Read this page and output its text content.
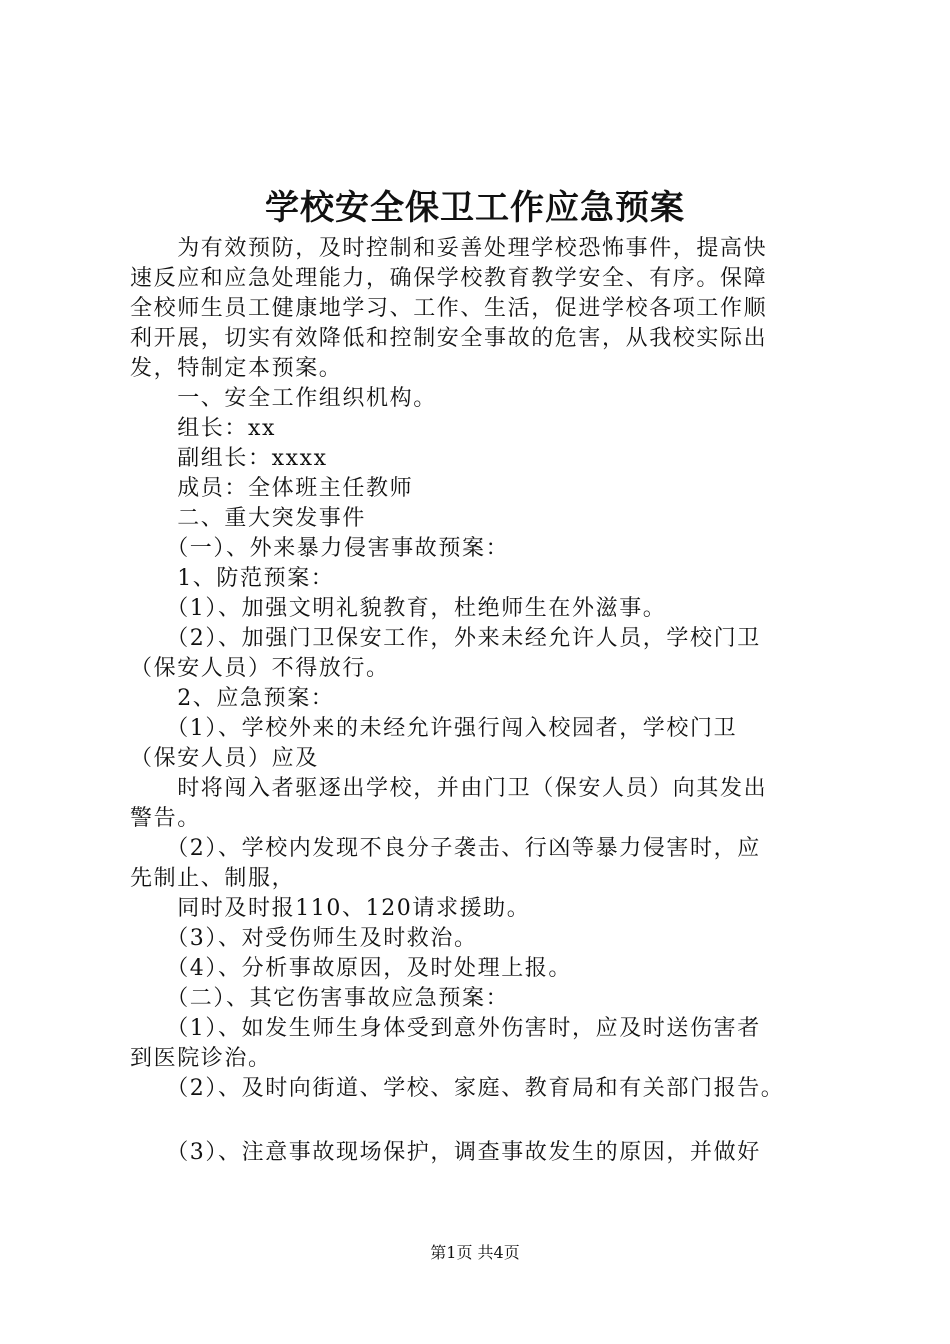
学校安全保卫工作应急预案
　　为有效预防，及时控制和妥善处理学校恐怖事件，提高快
速反应和应急处理能力，确保学校教育教学安全、有序。保障
全校师生员工健康地学习、工作、生活，促进学校各项工作顺
利开展，切实有效降低和控制安全事故的危害，从我校实际出
发，特制定本预案。
　　一、安全工作组织机构。
　　组长：xx
　　副组长：xxxx
　　成员：全体班主任教师
　　二、重大突发事件
　　（一）、外来暴力侵害事故预案：
　　1、防范预案：
　　（1）、加强文明礼貌教育，杜绝师生在外滋事。
　　（2）、加强门卫保安工作，外来未经允许人员，学校门卫
（保安人员）不得放行。
　　2、应急预案：
　　（1）、学校外来的未经允许强行闯入校园者，学校门卫
（保安人员）应及
　　时将闯入者驱逐出学校，并由门卫（保安人员）向其发出
警告。
　　（2）、学校内发现不良分子袭击、行凶等暴力侵害时，应
先制止、制服，
　　同时及时报110、120请求援助。
　　（3）、对受伤师生及时救治。
　　（4）、分析事故原因，及时处理上报。
　　（二）、其它伤害事故应急预案：
　　（1）、如发生师生身体受到意外伤害时，应及时送伤害者
到医院诊治。
　　（2）、及时向街道、学校、家庭、教育局和有关部门报告。
　　（3）、注意事故现场保护，调查事故发生的原因，并做好
第1页 共4页
